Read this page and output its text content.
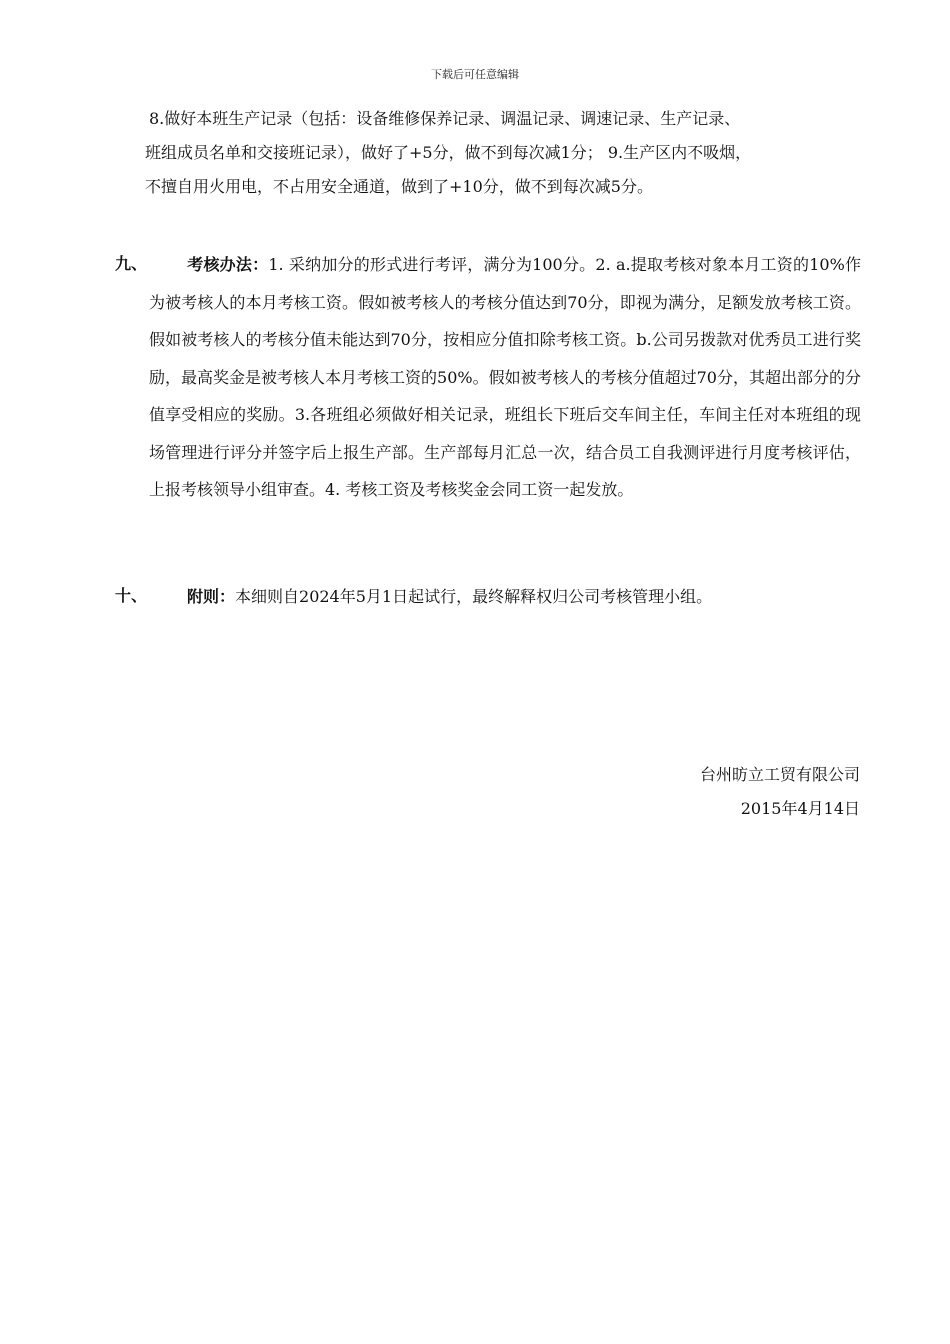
下载后可任意编辑
8.做好本班生产记录（包括：设备维修保养记录、调温记录、调速记录、生产记录、
班组成员名单和交接班记录），做好了+5分，做不到每次减1分； 9.生产区内不吸烟，
不擅自用火用电，不占用安全通道，做到了+10分，做不到每次减5分。
九、	考核办法：1. 采纳加分的形式进行考评，满分为100分。2. a.提取考核对象本月工资的10%作为被考核人的本月考核工资。假如被考核人的考核分值达到70分，即视为满分，足额发放考核工资。假如被考核人的考核分值未能达到70分，按相应分值扣除考核工资。b.公司另拨款对优秀员工进行奖励，最高奖金是被考核人本月考核工资的50%。假如被考核人的考核分值超过70分，其超出部分的分值享受相应的奖励。3.各班组必须做好相关记录，班组长下班后交车间主任，车间主任对本班组的现场管理进行评分并签字后上报生产部。生产部每月汇总一次，结合员工自我测评进行月度考核评估，上报考核领导小组审查。4. 考核工资及考核奖金会同工资一起发放。
十、	附则：本细则自2024年5月1日起试行，最终解释权归公司考核管理小组。
台州昉立工贸有限公司
2015年4月14日
